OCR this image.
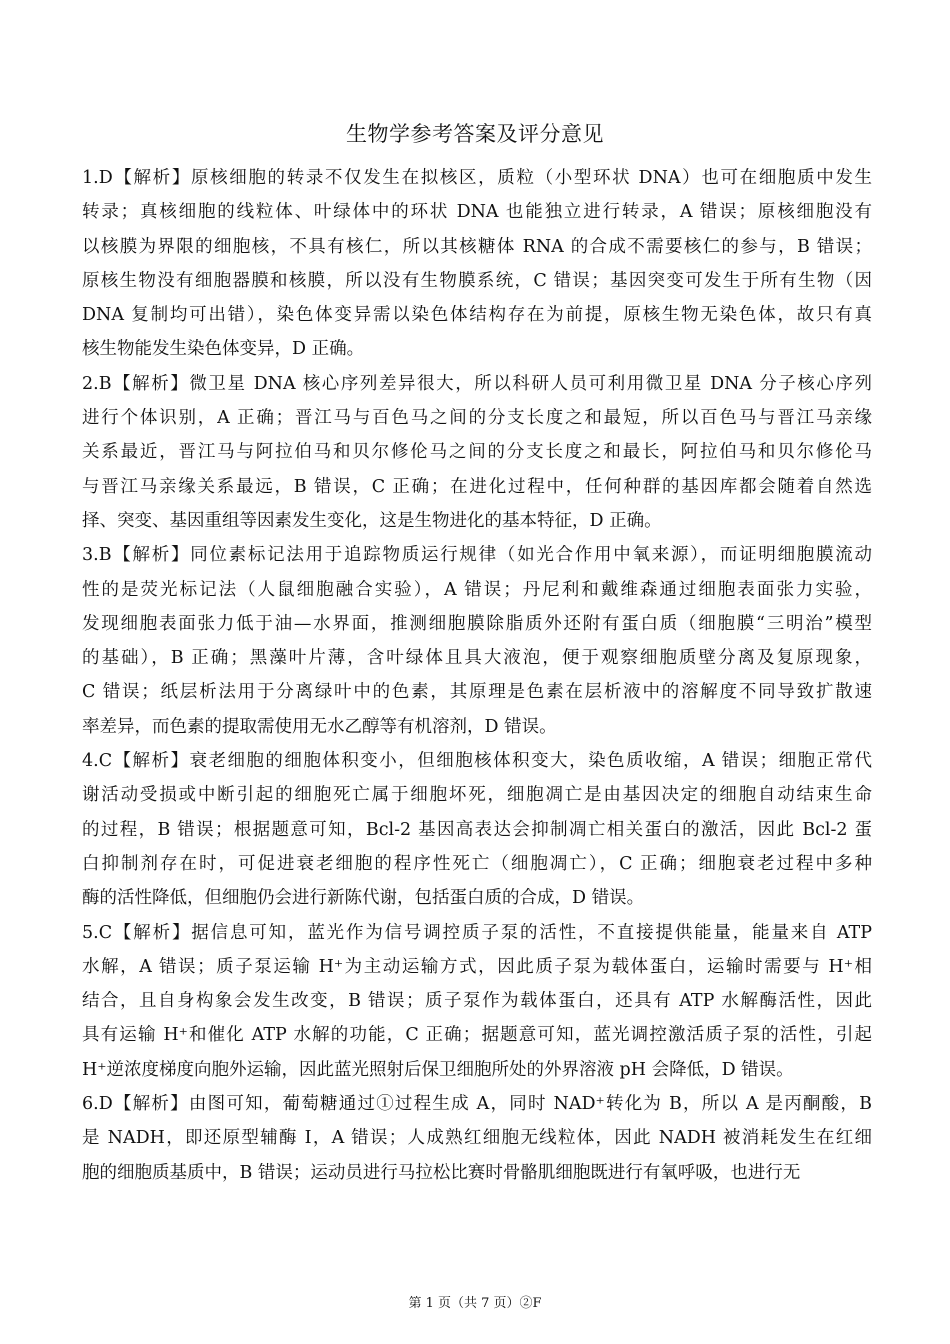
生物学参考答案及评分意见
1.D【解析】原核细胞的转录不仅发生在拟核区，质粒（小型环状 DNA）也可在细胞质中发生
转录；真核细胞的线粒体、叶绿体中的环状 DNA 也能独立进行转录，A 错误；原核细胞没有
以核膜为界限的细胞核，不具有核仁，所以其核糖体 RNA 的合成不需要核仁的参与，B 错误；
原核生物没有细胞器膜和核膜，所以没有生物膜系统，C 错误；基因突变可发生于所有生物（因
DNA 复制均可出错），染色体变异需以染色体结构存在为前提，原核生物无染色体，故只有真
核生物能发生染色体变异，D 正确。
2.B【解析】微卫星 DNA 核心序列差异很大，所以科研人员可利用微卫星 DNA 分子核心序列
进行个体识别，A 正确；晋江马与百色马之间的分支长度之和最短，所以百色马与晋江马亲缘
关系最近，晋江马与阿拉伯马和贝尔修伦马之间的分支长度之和最长，阿拉伯马和贝尔修伦马
与晋江马亲缘关系最远，B 错误，C 正确；在进化过程中，任何种群的基因库都会随着自然选
择、突变、基因重组等因素发生变化，这是生物进化的基本特征，D 正确。
3.B【解析】同位素标记法用于追踪物质运行规律（如光合作用中氧来源），而证明细胞膜流动
性的是荧光标记法（人鼠细胞融合实验），A 错误；丹尼利和戴维森通过细胞表面张力实验，
发现细胞表面张力低于油—水界面，推测细胞膜除脂质外还附有蛋白质（细胞膜“三明治”模型
的基础），B 正确；黑藻叶片薄，含叶绿体且具大液泡，便于观察细胞质壁分离及复原现象，
C 错误；纸层析法用于分离绿叶中的色素，其原理是色素在层析液中的溶解度不同导致扩散速
率差异，而色素的提取需使用无水乙醇等有机溶剂，D 错误。
4.C【解析】衰老细胞的细胞体积变小，但细胞核体积变大，染色质收缩，A 错误；细胞正常代
谢活动受损或中断引起的细胞死亡属于细胞坏死，细胞凋亡是由基因决定的细胞自动结束生命
的过程，B 错误；根据题意可知，Bcl-2 基因高表达会抑制凋亡相关蛋白的激活，因此 Bcl-2 蛋
白抑制剂存在时，可促进衰老细胞的程序性死亡（细胞凋亡），C 正确；细胞衰老过程中多种
酶的活性降低，但细胞仍会进行新陈代谢，包括蛋白质的合成，D 错误。
5.C【解析】据信息可知，蓝光作为信号调控质子泵的活性，不直接提供能量，能量来自 ATP
水解，A 错误；质子泵运输 H⁺为主动运输方式，因此质子泵为载体蛋白，运输时需要与 H⁺相
结合，且自身构象会发生改变，B 错误；质子泵作为载体蛋白，还具有 ATP 水解酶活性，因此
具有运输 H⁺和催化 ATP 水解的功能，C 正确；据题意可知，蓝光调控激活质子泵的活性，引起
H⁺逆浓度梯度向胞外运输，因此蓝光照射后保卫细胞所处的外界溶液 pH 会降低，D 错误。
6.D【解析】由图可知，葡萄糖通过①过程生成 A，同时 NAD⁺转化为 B，所以 A 是丙酮酸，B
是 NADH，即还原型辅酶 I，A 错误；人成熟红细胞无线粒体，因此 NADH 被消耗发生在红细
胞的细胞质基质中，B 错误；运动员进行马拉松比赛时骨骼肌细胞既进行有氧呼吸，也进行无
第 1 页（共 7 页）②F
